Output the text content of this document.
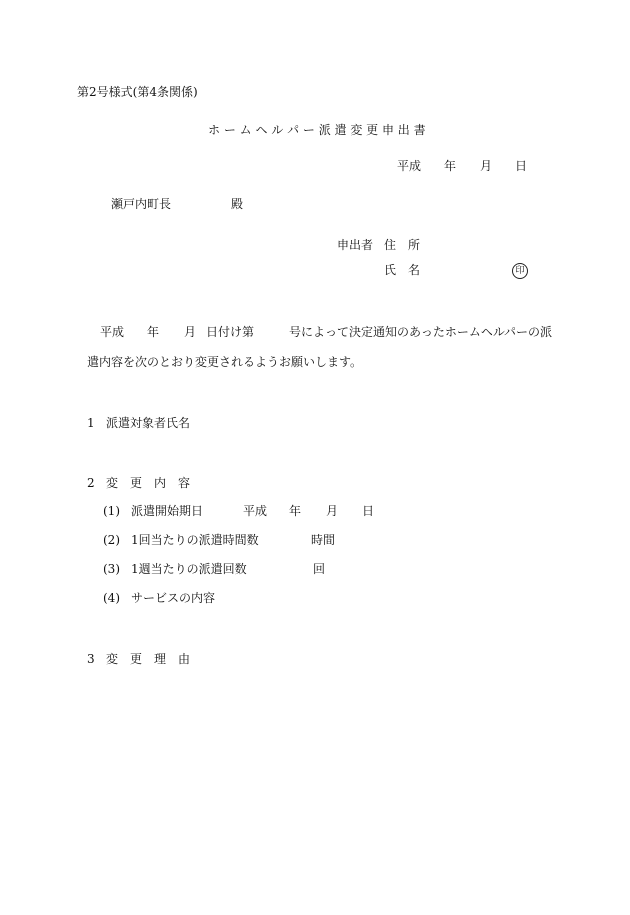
第2号様式(第4条関係)
ホ ー ム ヘ ル パ ー 派 遣 変 更 申 出 書
平成 年 月 日
瀬戸内町長	殿
申出者 住　所
氏　名	印
平成 年 月 日付け第	号によって決定通知のあったホームヘルパーの派
遣内容を次のとおり変更されるようお願いします。
1 派遣対象者氏名
2 変　更　内　容
(1) 派遣開始期日	平成 年 月 日
(2) 1回当たりの派遣時間数	時間
(3) 1週当たりの派遣回数	回
(4) サービスの内容
3 変　更　理　由
